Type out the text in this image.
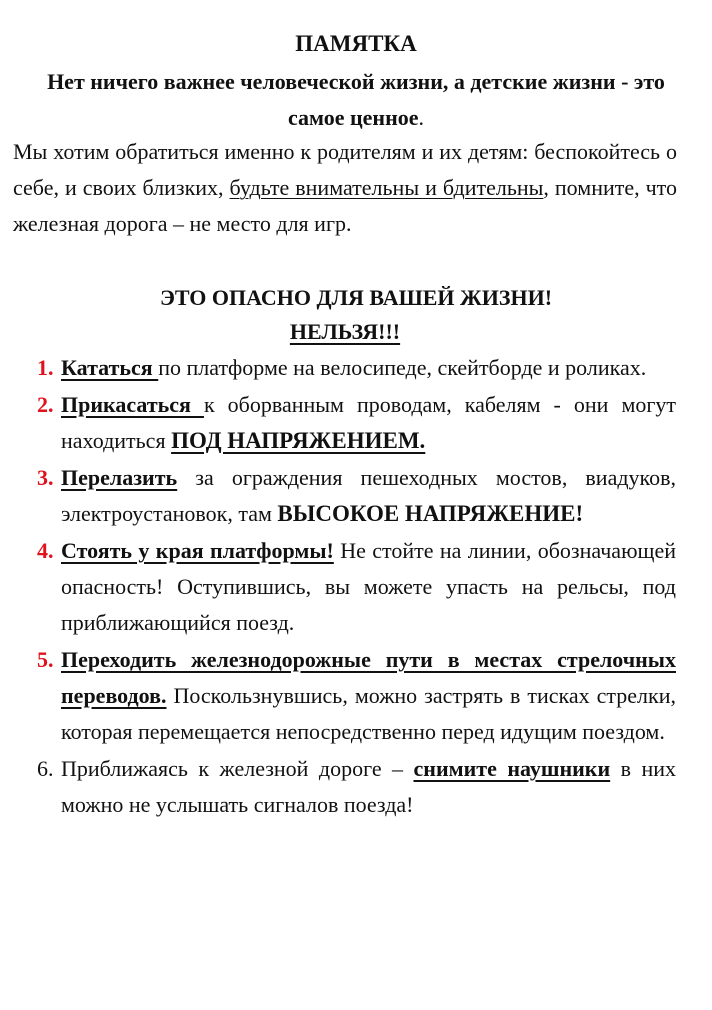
ПАМЯТКА
Нет ничего важнее человеческой жизни, а детские жизни - это самое ценное.
Мы хотим обратиться именно к родителям и их детям: беспокойтесь о себе, и своих близких, будьте внимательны и бдительны, помните, что железная дорога – не место для игр.
ЭТО ОПАСНО ДЛЯ ВАШЕЙ ЖИЗНИ!
НЕЛЬЗЯ!!!
1. Кататься по платформе на велосипеде, скейтборде и роликах.
2. Прикасаться к оборванным проводам, кабелям - они могут находиться ПОД НАПРЯЖЕНИЕМ.
3. Перелазить за ограждения пешеходных мостов, виадуков, электроустановок, там ВЫСОКОЕ НАПРЯЖЕНИЕ!
4. Стоять у края платформы! Не стойте на линии, обозначающей опасность! Оступившись, вы можете упасть на рельсы, под приближающийся поезд.
5. Переходить железнодорожные пути в местах стрелочных переводов. Поскользнувшись, можно застрять в тисках стрелки, которая перемещается непосредственно перед идущим поездом.
6. Приближаясь к железной дороге – снимите наушники в них можно не услышать сигналов поезда!
